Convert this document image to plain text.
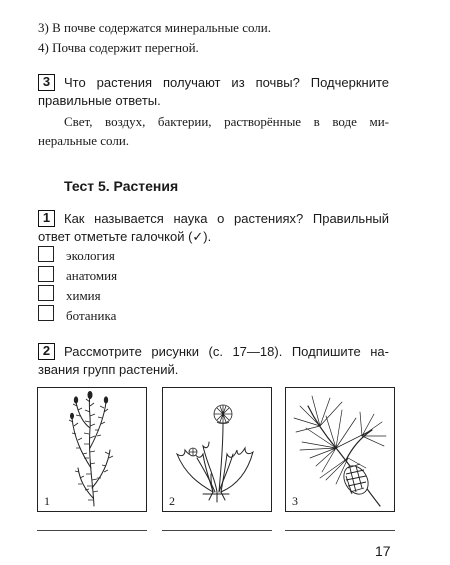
3) В почве содержатся минеральные соли.
4) Почва содержит перегной.
3	Что растения получают из почвы? Подчеркните
правильные ответы.
Свет, воздух, бактерии, растворённые в воде ми-
неральные соли.
Тест 5. Растения
1	Как называется наука о растениях? Правильный
ответ отметьте галочкой (✓).
экология
анатомия
химия
ботаника
2	Рассмотрите рисунки (с. 17—18). Подпишите на-
звания групп растений.
1	2	3
17
